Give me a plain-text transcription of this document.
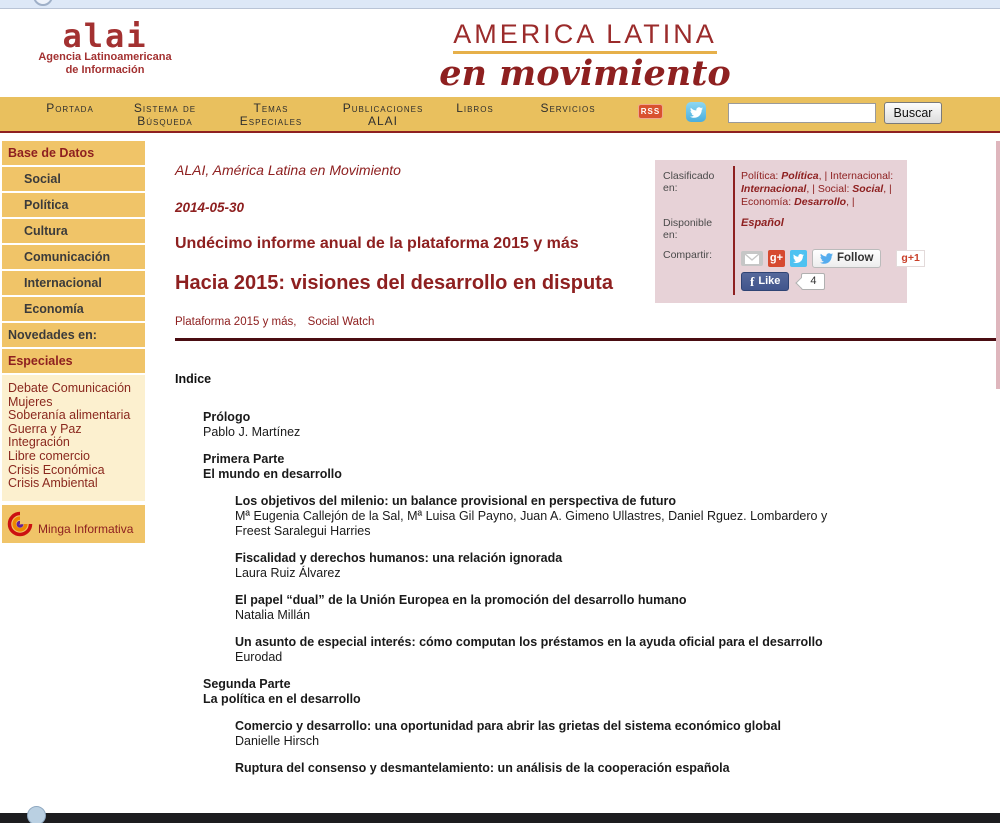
alai
Agencia Latinoamericana
de Información
AMERICA LATINA
en movimiento
Portada	Sistema de
Búsqueda
Temas
Especiales
Publicaciones
ALAI
Libros	Servicios	RSS	Buscar
Base de Datos
Social
Política
Cultura
Comunicación
Internacional
Economía
Novedades en:
Especiales
Debate Comunicación
Mujeres
Soberanía alimentaria
Guerra y Paz
Integración
Libre comercio
Crisis Económica
Crisis Ambiental
Minga Informativa
ALAI, América Latina en Movimiento
2014-05-30
Undécimo informe anual de la plataforma 2015 y más
Hacia 2015: visiones del desarrollo en disputa
Plataforma 2015 y más, Social Watch
Indice
Prólogo
Pablo J. Martínez
Primera Parte
El mundo en desarrollo
Los objetivos del milenio: un balance provisional en perspectiva de futuro
Mª Eugenia Callejón de la Sal, Mª Luisa Gil Payno, Juan A. Gimeno Ullastres, Daniel Rguez. Lombardero y Freest Saralegui Harries
Fiscalidad y derechos humanos: una relación ignorada
Laura Ruiz Álvarez
El papel “dual” de la Unión Europea en la promoción del desarrollo humano
Natalia Millán
Un asunto de especial interés: cómo computan los préstamos en la ayuda oficial para el desarrollo
Eurodad
Segunda Parte
La política en el desarrollo
Comercio y desarrollo: una oportunidad para abrir las grietas del sistema económico global
Danielle Hirsch
Ruptura del consenso y desmantelamiento: un análisis de la cooperación española
Clasificado en:
Política: Política, | Internacional: Internacional, | Social: Social, | Economía: Desarrollo, |
Disponible en:
Español
Compartir:	g+	Follow	g+1
f Like	4
